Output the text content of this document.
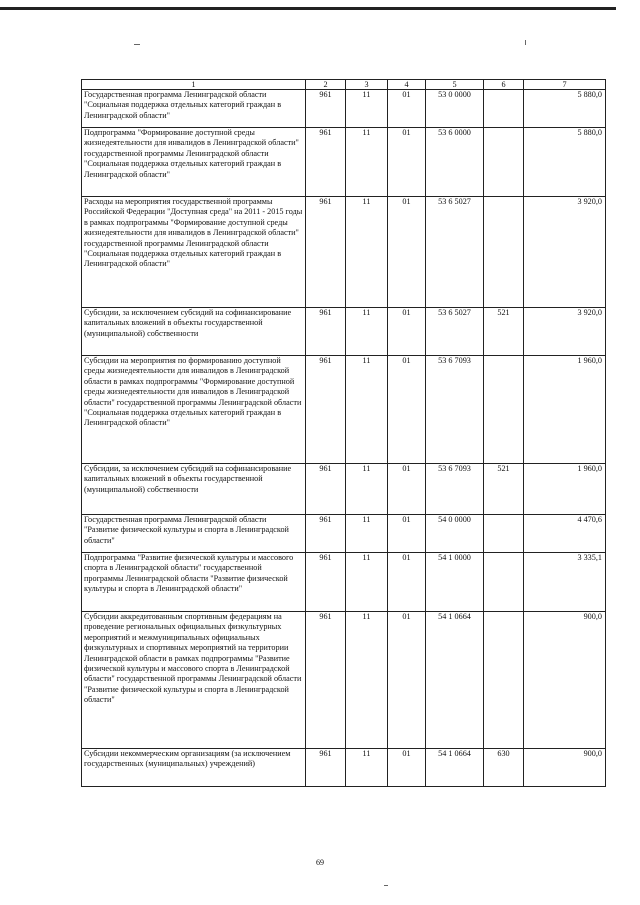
1	2	3	4	5	6	7
Государственная программа Ленинградской области "Социальная поддержка отдельных категорий граждан в Ленинградской области"	961	11	01	53 0 0000		5 880,0
Подпрограмма "Формирование доступной среды жизнедеятельности для инвалидов в Ленинградской области" государственной программы Ленинградской области "Социальная поддержка отдельных категорий граждан в Ленинградской области"	961	11	01	53 6 0000		5 880,0
Расходы на мероприятия государственной программы Российской Федерации "Доступная среда" на 2011 - 2015 годы в рамках подпрограммы "Формирование доступной среды жизнедеятельности для инвалидов в Ленинградской области" государственной программы Ленинградской области "Социальная поддержка отдельных категорий граждан в Ленинградской области"	961	11	01	53 6 5027		3 920,0
Субсидии, за исключением субсидий на софинансирование капитальных вложений в объекты государственной (муниципальной) собственности	961	11	01	53 6 5027	521	3 920,0
Субсидии на мероприятия по формированию доступной среды жизнедеятельности для инвалидов в Ленинградской области в рамках подпрограммы "Формирование доступной среды жизнедеятельности для инвалидов в Ленинградской области" государственной программы Ленинградской области "Социальная поддержка отдельных категорий граждан в Ленинградской области"	961	11	01	53 6 7093		1 960,0
Субсидии, за исключением субсидий на софинансирование капитальных вложений в объекты государственной (муниципальной) собственности	961	11	01	53 6 7093	521	1 960,0
Государственная программа Ленинградской области "Развитие физической культуры и спорта в Ленинградской области"	961	11	01	54 0 0000		4 470,6
Подпрограмма "Развитие физической культуры и массового спорта в Ленинградской области" государственной программы Ленинградской области "Развитие физической культуры и спорта в Ленинградской области"	961	11	01	54 1 0000		3 335,1
Субсидии аккредитованным спортивным федерациям на проведение региональных официальных физкультурных мероприятий и межмуниципальных официальных физкультурных и спортивных мероприятий на территории Ленинградской области в рамках подпрограммы "Развитие физической культуры и массового спорта в Ленинградской области" государственной программы Ленинградской области "Развитие физической культуры и спорта в Ленинградской области"	961	11	01	54 1 0664		900,0
Субсидии некоммерческим организациям (за исключением государственных (муниципальных) учреждений)	961	11	01	54 1 0664	630	900,0
69
